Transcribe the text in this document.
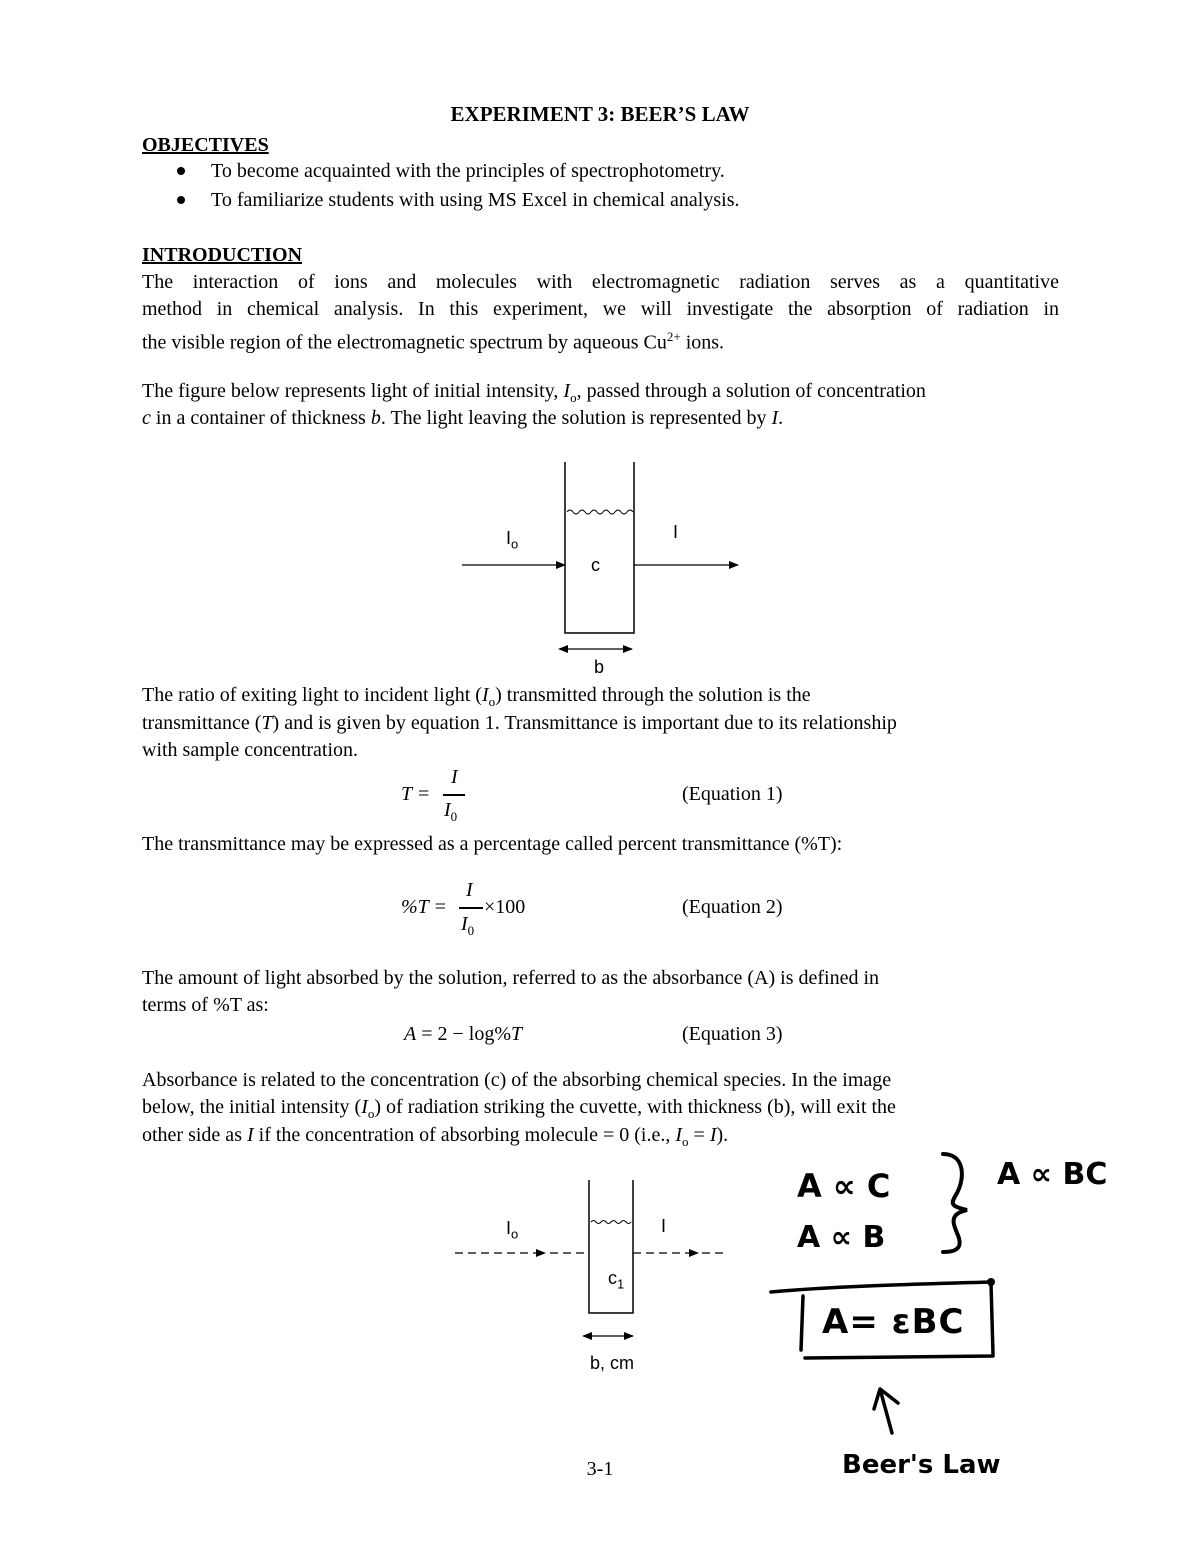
EXPERIMENT 3: BEER’S LAW
OBJECTIVES
To become acquainted with the principles of spectrophotometry.
To familiarize students with using MS Excel in chemical analysis.
INTRODUCTION
The interaction of ions and molecules with electromagnetic radiation serves as a quantitative
method in chemical analysis. In this experiment, we will investigate the absorption of radiation in
the visible region of the electromagnetic spectrum by aqueous $Cu^{2+}$ ions.
The figure below represents light of initial intensity, $I_o$, passed through a solution of concentration
c in a container of thickness b. The light leaving the solution is represented by I.
$I_o$
I
c
b
The ratio of exiting light to incident light $(I_o)$ transmitted through the solution is the
transmittance (T) and is given by equation 1. Transmittance is important due to its relationship
with sample concentration.
T =
I
$I_0$
(Equation 1)
The transmittance may be expressed as a percentage called percent transmittance (%T):
%T =
I
$I_0$
×100	(Equation 2)
The amount of light absorbed by the solution, referred to as the absorbance (A) is defined in
terms of %T as:
A = 2 − log%T	(Equation 3)
Absorbance is related to the concentration (c) of the absorbing chemical species. In the image
below, the initial intensity $(I_o)$ of radiation striking the cuvette, with thickness (b), will exit the
other side as I if the concentration of absorbing molecule = 0 (i.e., $I_o = I$).
$I_o$	I
$c_1$
b, cm
A ∝ C
A ∝ B
A ∝ BC
A= εBC
Beer's Law
3-1
